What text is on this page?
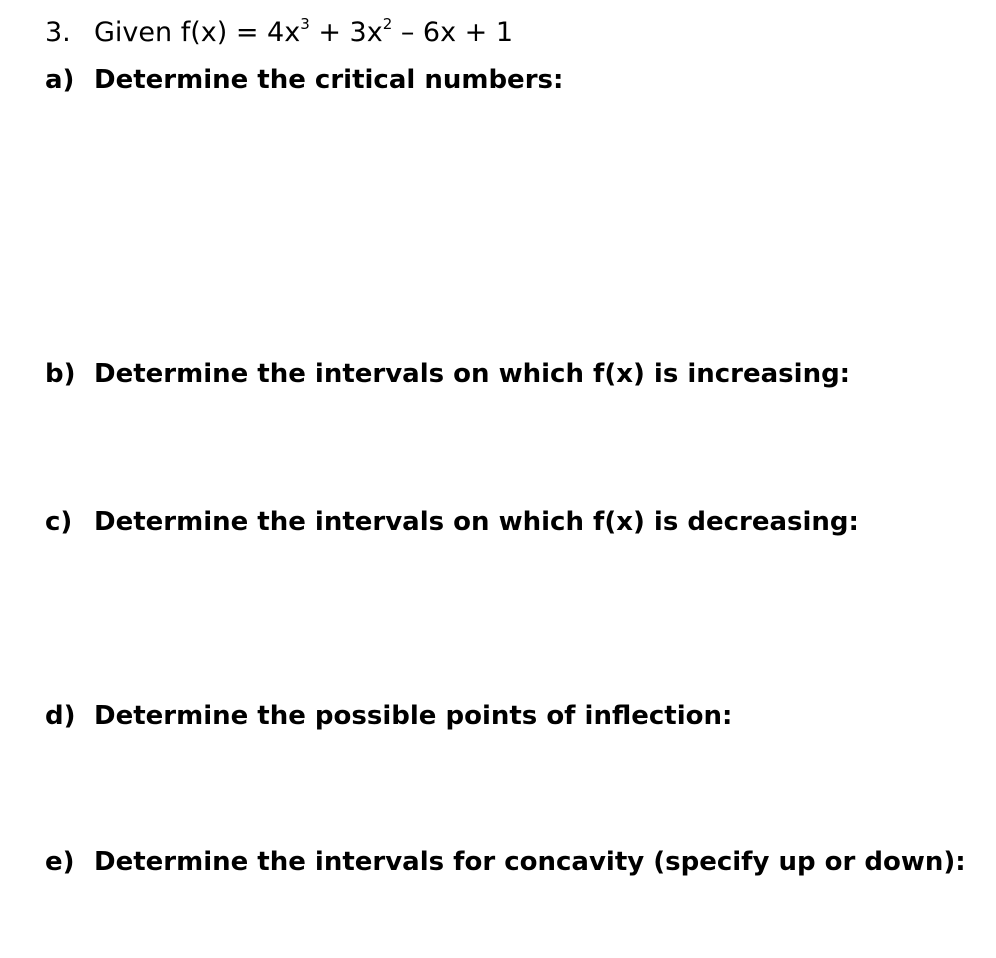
3. Given $f(x) = 4x^3 + 3x^2 - 6x + 1$
a) Determine the critical numbers:
b) Determine the intervals on which f(x) is increasing:
c) Determine the intervals on which f(x) is decreasing:
d) Determine the possible points of inflection:
e) Determine the intervals for concavity (specify up or down):
